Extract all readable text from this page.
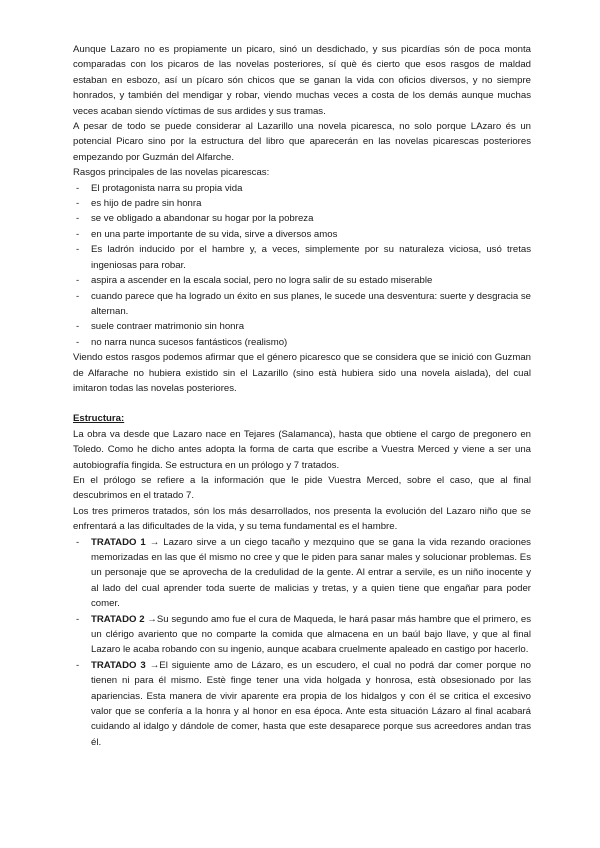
Aunque Lazaro no es propiamente un picaro, sinó un desdichado, y sus picardías són de poca monta comparadas con los picaros de las novelas posteriores, sí què és cierto que esos rasgos de maldad estaban en esbozo, así un pícaro són chicos que se ganan la vida con oficios diversos, y no siempre honrados, y también del mendigar y robar, viendo muchas veces a costa de los demás aunque muchas veces acaban siendo víctimas de sus ardides y sus tramas.

A pesar de todo se puede considerar al Lazarillo una novela picaresca, no solo porque LAzaro és un potencial Picaro sino por la estructura del libro que aparecerán en las novelas picarescas posteriores empezando por Guzmán del Alfarche.

Rasgos principales de las novelas picarescas:

- El protagonista narra su propia vida
- es hijo de padre sin honra
- se ve obligado a abandonar su hogar por la pobreza
- en una parte importante de su vida, sirve a diversos amos
- Es ladrón inducido por el hambre y, a veces, simplemente por su naturaleza viciosa, usó tretas ingeniosas para robar.
- aspira a ascender en la escala social, pero no logra salir de su estado miserable
- cuando parece que ha logrado un éxito en sus planes, le sucede una desventura: suerte y desgracia se alternan.
- suele contraer matrimonio sin honra
- no narra nunca sucesos fantásticos (realismo)

Viendo estos rasgos podemos afirmar que el género picaresco que se considera que se inició con Guzman de Alfarache no hubiera existido sin el Lazarillo (sino està hubiera sido una novela aislada), del cual imitaron todas las novelas posteriores.

Estructura:

La obra va desde que Lazaro nace en Tejares (Salamanca), hasta que obtiene el cargo de pregonero en Toledo. Como he dicho antes adopta la forma de carta que escribe a Vuestra Merced y viene a ser una autobiografía fingida. Se estructura en un prólogo y 7 tratados.

En el prólogo se refiere a la información que le pide Vuestra Merced, sobre el caso, que al final descubrimos en el tratado 7.

Los tres primeros tratados, són los más desarrollados, nos presenta la evolución del Lazaro niño que se enfrentará a las dificultades de la vida, y su tema fundamental es el hambre.

- TRATADO 1 → Lazaro sirve a un ciego tacaño y mezquino que se gana la vida rezando oraciones memorizadas en las que él mismo no cree y que le piden para sanar males y solucionar problemas. Es un personaje que se aprovecha de la credulidad de la gente. Al entrar a servile, es un niño inocente y al lado del cual aprender toda suerte de malicias y tretas, y a quien tiene que engañar para poder comer.
- TRATADO 2 →Su segundo amo fue el cura de Maqueda, le hará pasar más hambre que el primero, es un clérigo avariento que no comparte la comida que almacena en un baúl bajo llave, y que al final Lazaro le acaba robando con su ingenio, aunque acabara cruelmente apaleado en castigo por hacerlo.
- TRATADO 3 →El siguiente amo de Lázaro, es un escudero, el cual no podrá dar comer porque no tienen ni para él mismo. Estè finge tener una vida holgada y honrosa, està obsesionado por las apariencias. Esta manera de vivir aparente era propia de los hidalgos y con él se critica el excesivo valor que se confería a la honra y al honor en esa época. Ante esta situación Lázaro al final acabará cuidando al idalgo y dándole de comer, hasta que este desaparece porque sus acreedores andan tras él.
